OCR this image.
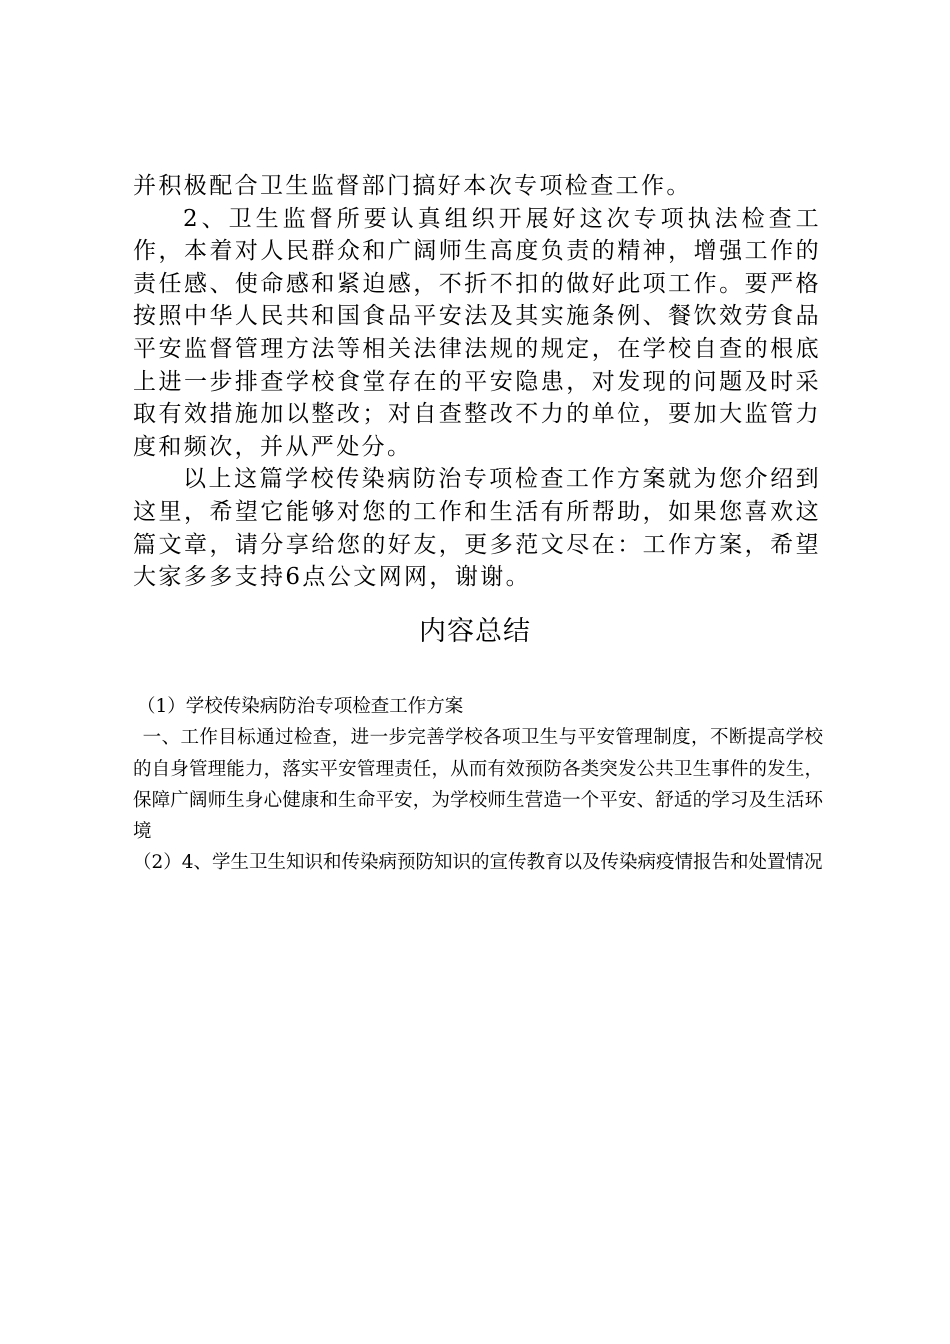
并积极配合卫生监督部门搞好本次专项检查工作。

2、卫生监督所要认真组织开展好这次专项执法检查工作，本着对人民群众和广阔师生高度负责的精神，增强工作的责任感、使命感和紧迫感，不折不扣的做好此项工作。要严格按照中华人民共和国食品平安法及其实施条例、餐饮效劳食品平安监督管理方法等相关法律法规的规定，在学校自查的根底上进一步排查学校食堂存在的平安隐患，对发现的问题及时采取有效措施加以整改；对自查整改不力的单位，要加大监管力度和频次，并从严处分。

以上这篇学校传染病防治专项检查工作方案就为您介绍到这里，希望它能够对您的工作和生活有所帮助，如果您喜欢这篇文章，请分享给您的好友，更多范文尽在：工作方案，希望大家多多支持6点公文网网，谢谢。

内容总结

（1）学校传染病防治专项检查工作方案

 一、工作目标通过检查，进一步完善学校各项卫生与平安管理制度，不断提高学校的自身管理能力，落实平安管理责任，从而有效预防各类突发公共卫生事件的发生，保障广阔师生身心健康和生命平安，为学校师生营造一个平安、舒适的学习及生活环境

（2）4、学生卫生知识和传染病预防知识的宣传教育以及传染病疫情报告和处置情况
